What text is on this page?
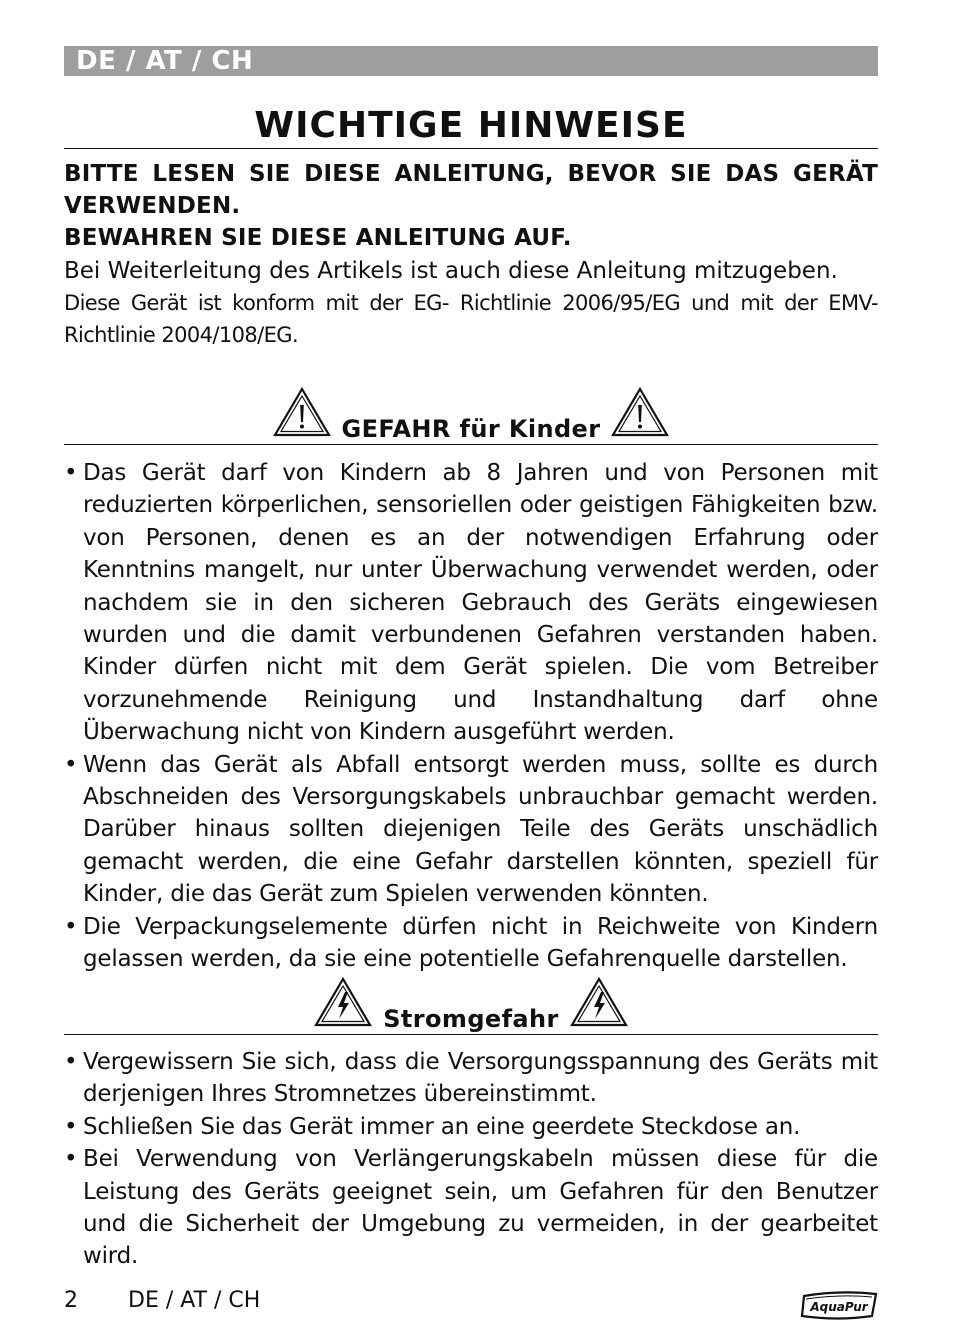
DE / AT / CH
WICHTIGE HINWEISE
BITTE LESEN SIE DIESE ANLEITUNG, BEVOR SIE DAS GERÄT VERWENDEN.
BEWAHREN SIE DIESE ANLEITUNG AUF.
Bei Weiterleitung des Artikels ist auch diese Anleitung mitzugeben.
Diese Gerät ist konform mit der EG- Richtlinie 2006/95/EG und mit der EMV-Richtlinie 2004/108/EG.
GEFAHR für Kinder
• Das Gerät darf von Kindern ab 8 Jahren und von Personen mit reduzierten körperlichen, sensoriellen oder geistigen Fähigkeiten bzw. von Personen, denen es an der notwendigen Erfahrung oder Kenntnins mangelt, nur unter Überwachung verwendet werden, oder nachdem sie in den sicheren Gebrauch des Geräts eingewiesen wurden und die damit verbundenen Gefahren verstanden haben. Kinder dürfen nicht mit dem Gerät spielen. Die vom Betreiber vorzunehmende Reinigung und Instandhaltung darf ohne Überwachung nicht von Kindern ausgeführt werden.
• Wenn das Gerät als Abfall entsorgt werden muss, sollte es durch Abschneiden des Versorgungskabels unbrauchbar gemacht werden. Darüber hinaus sollten diejenigen Teile des Geräts unschädlich gemacht werden, die eine Gefahr darstellen könnten, speziell für Kinder, die das Gerät zum Spielen verwenden könnten.
• Die Verpackungselemente dürfen nicht in Reichweite von Kindern gelassen werden, da sie eine potentielle Gefahrenquelle darstellen.
Stromgefahr
• Vergewissern Sie sich, dass die Versorgungsspannung des Geräts mit derjenigen Ihres Stromnetzes übereinstimmt.
• Schließen Sie das Gerät immer an eine geerdete Steckdose an.
• Bei Verwendung von Verlängerungskabeln müssen diese für die Leistung des Geräts geeignet sein, um Gefahren für den Benutzer und die Sicherheit der Umgebung zu vermeiden, in der gearbeitet wird.
2 DE / AT / CH	AquaPur
